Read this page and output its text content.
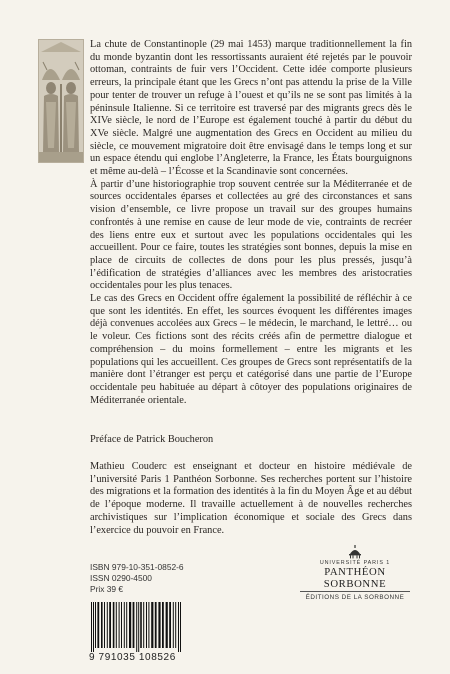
La chute de Constantinople (29 mai 1453) marque traditionnellement la fin du monde byzantin dont les ressortissants auraient été rejetés par le pouvoir ottoman, contraints de fuir vers l’Occident. Cette idée comporte plusieurs erreurs, la principale étant que les Grecs n’ont pas attendu la prise de la Ville pour tenter de trouver un refuge à l’ouest et qu’ils ne se sont pas limités à la péninsule Italienne. Si ce territoire est traversé par des migrants grecs dès le XIVe siècle, le nord de l’Europe est également touché à partir du début du XVe siècle. Malgré une augmentation des Grecs en Occident au milieu du siècle, ce mouvement migratoire doit être envisagé dans le temps long et sur un espace étendu qui englobe l’Angleterre, la France, les États bourguignons et même au-delà – l’Écosse et la Scandinavie sont concernées.

À partir d’une historiographie trop souvent centrée sur la Méditerranée et de sources occidentales éparses et collectées au gré des circonstances et sans vision d’ensemble, ce livre propose un travail sur des groupes humains confrontés à une remise en cause de leur mode de vie, contraints de recréer des liens entre eux et surtout avec les populations occidentales qui les accueillent. Pour ce faire, toutes les stratégies sont bonnes, depuis la mise en place de circuits de collectes de dons pour les plus pressés, jusqu’à l’édification de stratégies d’alliances avec les membres des aristocraties occidentales pour les plus tenaces.

Le cas des Grecs en Occident offre également la possibilité de réfléchir à ce que sont les identités. En effet, les sources évoquent les différentes images déjà convenues accolées aux Grecs – le médecin, le marchand, le lettré… ou le voleur. Ces fictions sont des récits créés afin de permettre dialogue et compréhension – du moins formellement – entre les migrants et les populations qui les accueillent. Ces groupes de Grecs sont représentatifs de la manière dont l’étranger est perçu et catégorisé dans une partie de l’Europe occidentale peu habituée au départ à côtoyer des populations originaires de Méditerranée orientale.

Préface de Patrick Boucheron
Mathieu Couderc est enseignant et docteur en histoire médiévale de l’université Paris 1 Panthéon Sorbonne. Ses recherches portent sur l’histoire des migrations et la formation des identités à la fin du Moyen Âge et au début de l’époque moderne. Il travaille actuellement à de nouvelles recherches archivistiques sur l’implication économique et sociale des Grecs dans l’exercice du pouvoir en France.
ISBN 979-10-351-0852-6
ISSN 0290-4500
Prix 39 €
9 791035 108526
UNIVERSITÉ PARIS 1
PANTHÉON SORBONNE
ÉDITIONS DE LA SORBONNE
